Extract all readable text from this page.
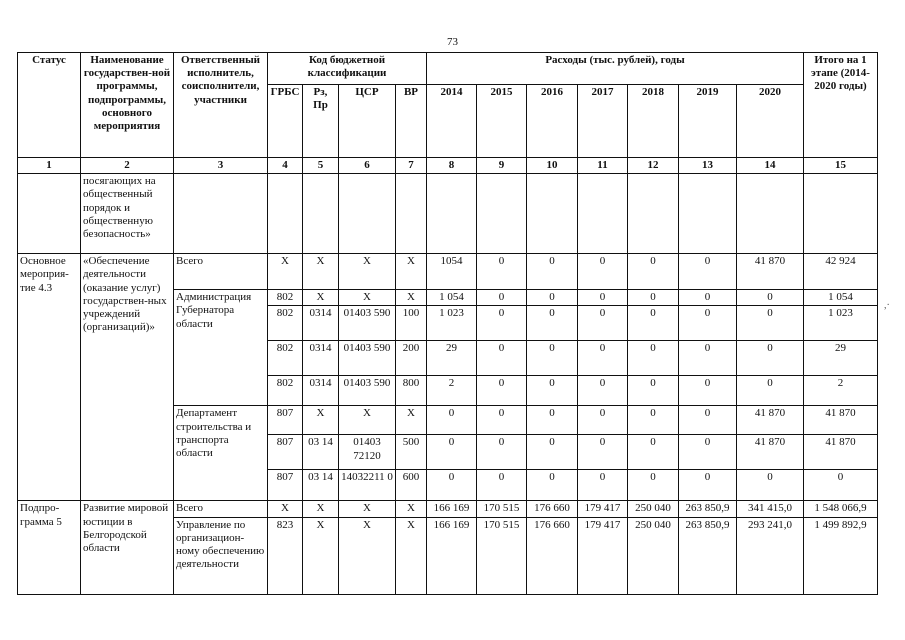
73
Статус	Наименование государствен-ной программы, подпрограммы, основного мероприятия	Ответственный исполнитель, соисполнители, участники	Код бюджетной классификации				Расходы (тыс. рублей), годы							Итого на 1 этапе (2014-2020 годы)
			ГРБС	Рз, Пр	ЦСР	ВР	2014	2015	2016	2017	2018	2019	2020	
1	2	3	4	5	6	7	8	9	10	11	12	13	14	15
	посягающих на общественный порядок и общественную безопасность»													
Основное мероприя-тие 4.3	«Обеспечение деятельности (оказание услуг) государствен-ных учреждений (организаций)»	Всего	Х	Х	Х	Х	1054	0	0	0	0	0	41 870	42 924
		Администрация Губернатора области	802	Х	Х	Х	1 054	0	0	0	0	0	0	1 054
			802	0314	01403 590	100	1 023	0	0	0	0	0	0	1 023
			802	0314	01403 590	200	29	0	0	0	0	0	0	29
			802	0314	01403 590	800	2	0	0	0	0	0	0	2
		Департамент строительства и транспорта области	807	Х	Х	Х	0	0	0	0	0	0	41 870	41 870
			807	03 14	01403 72120	500	0	0	0	0	0	0	41 870	41 870
			807	03 14	14032211 0	600	0	0	0	0	0	0	0	0
Подпро-грамма 5	Развитие мировой юстиции в Белгородской области	Всего	Х	Х	Х	Х	166 169	170 515	176 660	179 417	250 040	263 850,9	341 415,0	1 548 066,9
		Управление по организацион-ному обеспечению деятельности	823	Х	Х	Х	166 169	170 515	176 660	179 417	250 040	263 850,9	293 241,0	1 499 892,9
,·
